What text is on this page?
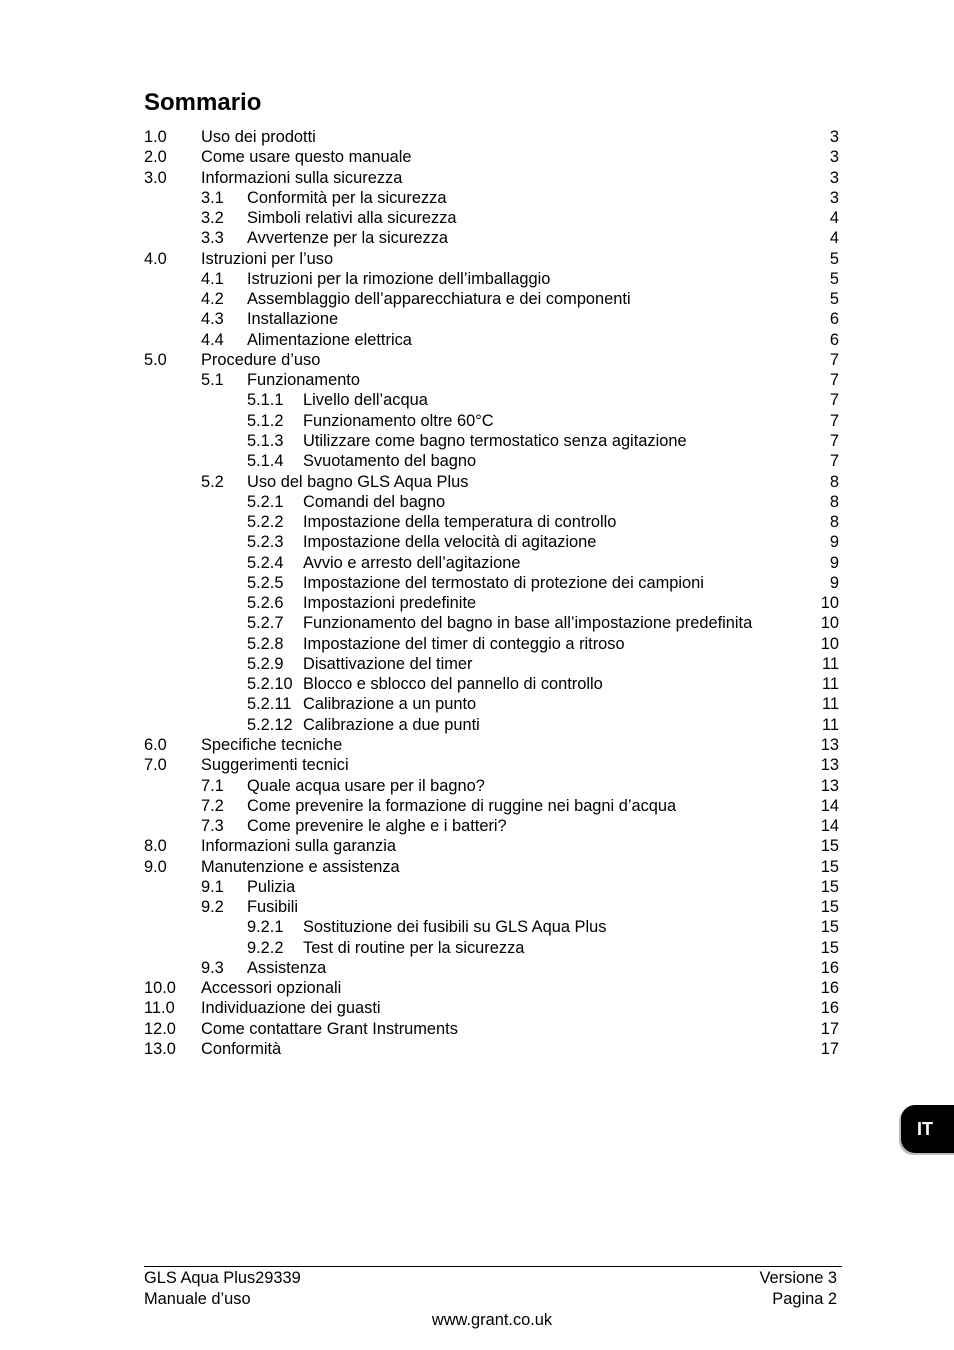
Sommario
1.0 Uso dei prodotti	3
2.0 Come usare questo manuale	3
3.0 Informazioni sulla sicurezza	3
3.1 Conformità per la sicurezza	3
3.2 Simboli relativi alla sicurezza	4
3.3 Avvertenze per la sicurezza	4
4.0 Istruzioni per l’uso	5
4.1 Istruzioni per la rimozione dell’imballaggio	5
4.2 Assemblaggio dell’apparecchiatura e dei componenti	5
4.3 Installazione	6
4.4 Alimentazione elettrica	6
5.0 Procedure d’uso	7
5.1 Funzionamento	7
5.1.1 Livello dell’acqua	7
5.1.2 Funzionamento oltre 60°C	7
5.1.3 Utilizzare come bagno termostatico senza agitazione	7
5.1.4 Svuotamento del bagno	7
5.2 Uso del bagno GLS Aqua Plus	8
5.2.1 Comandi del bagno	8
5.2.2 Impostazione della temperatura di controllo	8
5.2.3 Impostazione della velocità di agitazione	9
5.2.4 Avvio e arresto dell’agitazione	9
5.2.5 Impostazione del termostato di protezione dei campioni	9
5.2.6 Impostazioni predefinite	10
5.2.7 Funzionamento del bagno in base all’impostazione predefinita	10
5.2.8 Impostazione del timer di conteggio a ritroso	10
5.2.9 Disattivazione del timer	11
5.2.10 Blocco e sblocco del pannello di controllo	11
5.2.11 Calibrazione a un punto	11
5.2.12 Calibrazione a due punti	11
6.0 Specifiche tecniche	13
7.0 Suggerimenti tecnici	13
7.1 Quale acqua usare per il bagno?	13
7.2 Come prevenire la formazione di ruggine nei bagni d’acqua	14
7.3 Come prevenire le alghe e i batteri?	14
8.0 Informazioni sulla garanzia	15
9.0 Manutenzione e assistenza	15
9.1 Pulizia	15
9.2 Fusibili	15
9.2.1 Sostituzione dei fusibili su GLS Aqua Plus	15
9.2.2 Test di routine per la sicurezza	15
9.3 Assistenza	16
10.0 Accessori opzionali	16
11.0 Individuazione dei guasti	16
12.0 Come contattare Grant Instruments	17
13.0 Conformità	17
IT
GLS Aqua Plus29339
Manuale d’uso
Versione 3
Pagina 2
www.grant.co.uk
